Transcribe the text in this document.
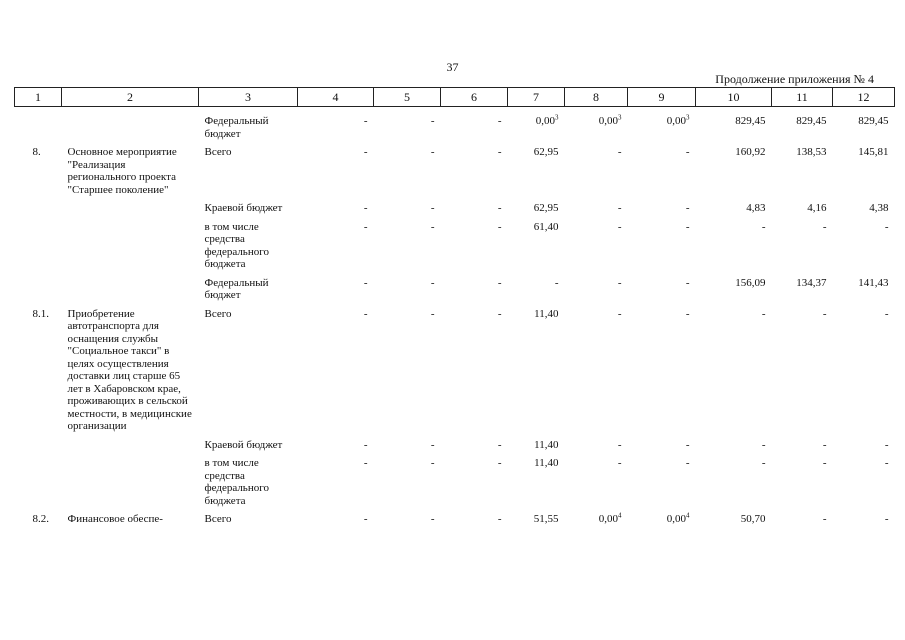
37
Продолжение приложения № 4
1	2	3	4	5	6	7	8	9	10	11	12
		Федеральный бюджет	-	-	-	0,00$^3$	0,00$^3$	0,00$^3$	829,45	829,45	829,45
8.	Основное мероприятие "Реализация регионального проекта "Старшее поколение"	Всего	-	-	-	62,95	-	-	160,92	138,53	145,81
		Краевой бюджет	-	-	-	62,95	-	-	4,83	4,16	4,38
		в том числе средства федерального бюджета	-	-	-	61,40	-	-	-	-	-
		Федеральный бюджет	-	-	-	-	-	-	156,09	134,37	141,43
8.1.	Приобретение автотранспорта для оснащения службы "Социальное такси" в целях осуществления доставки лиц старше 65 лет в Хабаровском крае, проживающих в сельской местности, в медицинские организации	Всего	-	-	-	11,40	-	-	-	-	-
		Краевой бюджет	-	-	-	11,40	-	-	-	-	-
		в том числе средства федерального бюджета	-	-	-	11,40	-	-	-	-	-
8.2.	Финансовое обеспе-	Всего	-	-	-	51,55	0,00$^4$	0,00$^4$	50,70	-	-
